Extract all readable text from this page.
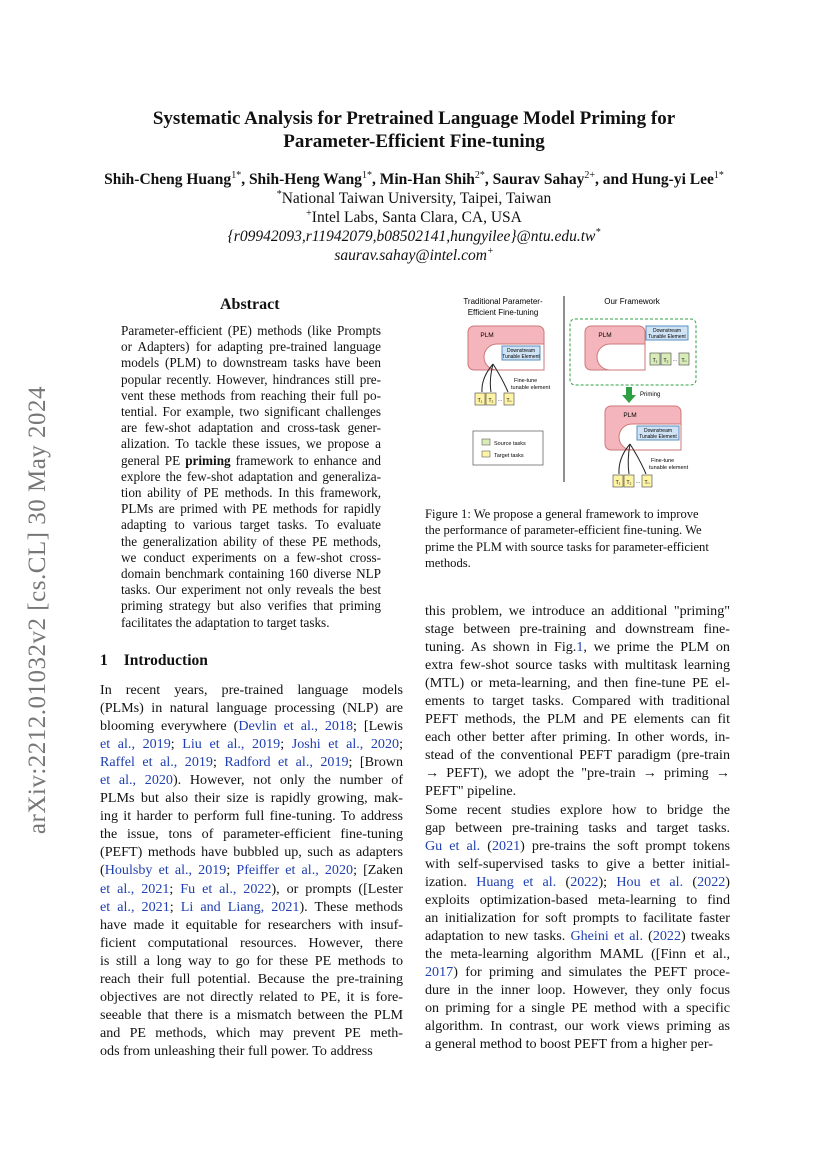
arXiv:2212.01032v2 [cs.CL] 30 May 2024
Systematic Analysis for Pretrained Language Model Priming for
Parameter-Efficient Fine-tuning
Shih-Cheng Huang$^{1*}$, Shih-Heng Wang$^{1*}$, Min-Han Shih$^{2*}$, Saurav Sahay$^{2+}$, and Hung-yi Lee$^{1*}$
*National Taiwan University, Taipei, Taiwan
+Intel Labs, Santa Clara, CA, USA
{r09942093,r11942079,b08502141,hungyilee}@ntu.edu.tw*
saurav.sahay@intel.com+
Abstract
Parameter-efficient (PE) methods (like Prompts
or Adapters) for adapting pre-trained language
models (PLM) to downstream tasks have been
popular recently. However, hindrances still pre-
vent these methods from reaching their full po-
tential. For example, two significant challenges
are few-shot adaptation and cross-task gener-
alization. To tackle these issues, we propose a
general PE priming framework to enhance and
explore the few-shot adaptation and generaliza-
tion ability of PE methods. In this framework,
PLMs are primed with PE methods for rapidly
adapting to various target tasks. To evaluate
the generalization ability of these PE methods,
we conduct experiments on a few-shot cross-
domain benchmark containing 160 diverse NLP
tasks. Our experiment not only reveals the best
priming strategy but also verifies that priming
facilitates the adaptation to target tasks.
1 Introduction
In recent years, pre-trained language models
(PLMs) in natural language processing (NLP) are
blooming everywhere (Devlin et al., 2018; [Lewis
et al., 2019; Liu et al., 2019; Joshi et al., 2020;
Raffel et al., 2019; Radford et al., 2019; [Brown
et al., 2020). However, not only the number of
PLMs but also their size is rapidly growing, mak-
ing it harder to perform full fine-tuning. To address
the issue, tons of parameter-efficient fine-tuning
(PEFT) methods have bubbled up, such as adapters
(Houlsby et al., 2019; Pfeiffer et al., 2020; [Zaken
et al., 2021; Fu et al., 2022), or prompts ([Lester
et al., 2021; Li and Liang, 2021). These methods
have made it equitable for researchers with insuf-
ficient computational resources. However, there
is still a long way to go for these PE methods to
reach their full potential. Because the pre-training
objectives are not directly related to PE, it is fore-
seeable that there is a mismatch between the PLM
and PE methods, which may prevent PE meth-
ods from unleashing their full power. To address
Traditional Parameter-
Efficient Fine-tuning
Our Framework
PLM
Downstream
Tunable Element
Fine-tune
tunable element
T₁ T₂ ... Tₙ
Source tasks
Target tasks
PLM
Downstream
Tunable Element
T₁ T₂ ... Tₙ
Priming
PLM
Downstream
Tunable Element
Fine-tune
tunable element
T₁ T₂ ... Tₙ
Figure 1: We propose a general framework to improve
the performance of parameter-efficient fine-tuning. We
prime the PLM with source tasks for parameter-efficient
methods.
this problem, we introduce an additional "priming"
stage between pre-training and downstream fine-
tuning. As shown in Fig.1, we prime the PLM on
extra few-shot source tasks with multitask learning
(MTL) or meta-learning, and then fine-tune PE el-
ements to target tasks. Compared with traditional
PEFT methods, the PLM and PE elements can fit
each other better after priming. In other words, in-
stead of the conventional PEFT paradigm (pre-train
→ PEFT), we adopt the "pre-train → priming →
PEFT" pipeline.
Some recent studies explore how to bridge the
gap between pre-training tasks and target tasks.
Gu et al. (2021) pre-trains the soft prompt tokens
with self-supervised tasks to give a better initial-
ization. Huang et al. (2022); Hou et al. (2022)
exploits optimization-based meta-learning to find
an initialization for soft prompts to facilitate faster
adaptation to new tasks. Gheini et al. (2022) tweaks
the meta-learning algorithm MAML ([Finn et al.,
2017) for priming and simulates the PEFT proce-
dure in the inner loop. However, they only focus
on priming for a single PE method with a specific
algorithm. In contrast, our work views priming as
a general method to boost PEFT from a higher per-
